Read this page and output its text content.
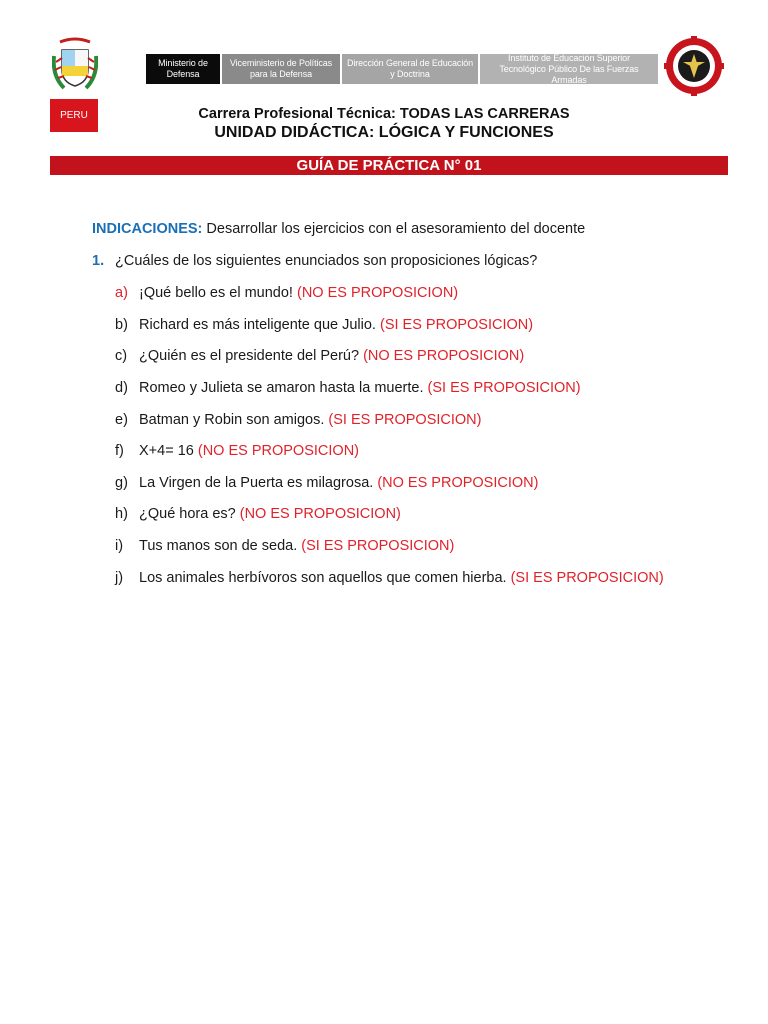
PERU
Ministerio de Defensa
Viceministerio de Políticas para la Defensa
Dirección General de Educación y Doctrina
Instituto de Educación Superior Tecnológico Público De las Fuerzas Armadas
Carrera Profesional Técnica: TODAS LAS CARRERAS
UNIDAD DIDÁCTICA: LÓGICA Y FUNCIONES
GUÍA DE PRÁCTICA N° 01
INDICACIONES: Desarrollar los ejercicios con el asesoramiento del docente
1. ¿Cuáles de los siguientes enunciados son proposiciones lógicas?
a) ¡Qué bello es el mundo! (NO ES PROPOSICION)
b) Richard es más inteligente que Julio. (SI ES PROPOSICION)
c) ¿Quién es el presidente del Perú? (NO ES PROPOSICION)
d) Romeo y Julieta se amaron hasta la muerte. (SI ES PROPOSICION)
e) Batman y Robin son amigos. (SI ES PROPOSICION)
f) X+4= 16 (NO ES PROPOSICION)
g) La Virgen de la Puerta es milagrosa. (NO ES PROPOSICION)
h) ¿Qué hora es? (NO ES PROPOSICION)
i) Tus manos son de seda. (SI ES PROPOSICION)
j) Los animales herbívoros son aquellos que comen hierba. (SI ES PROPOSICION)
